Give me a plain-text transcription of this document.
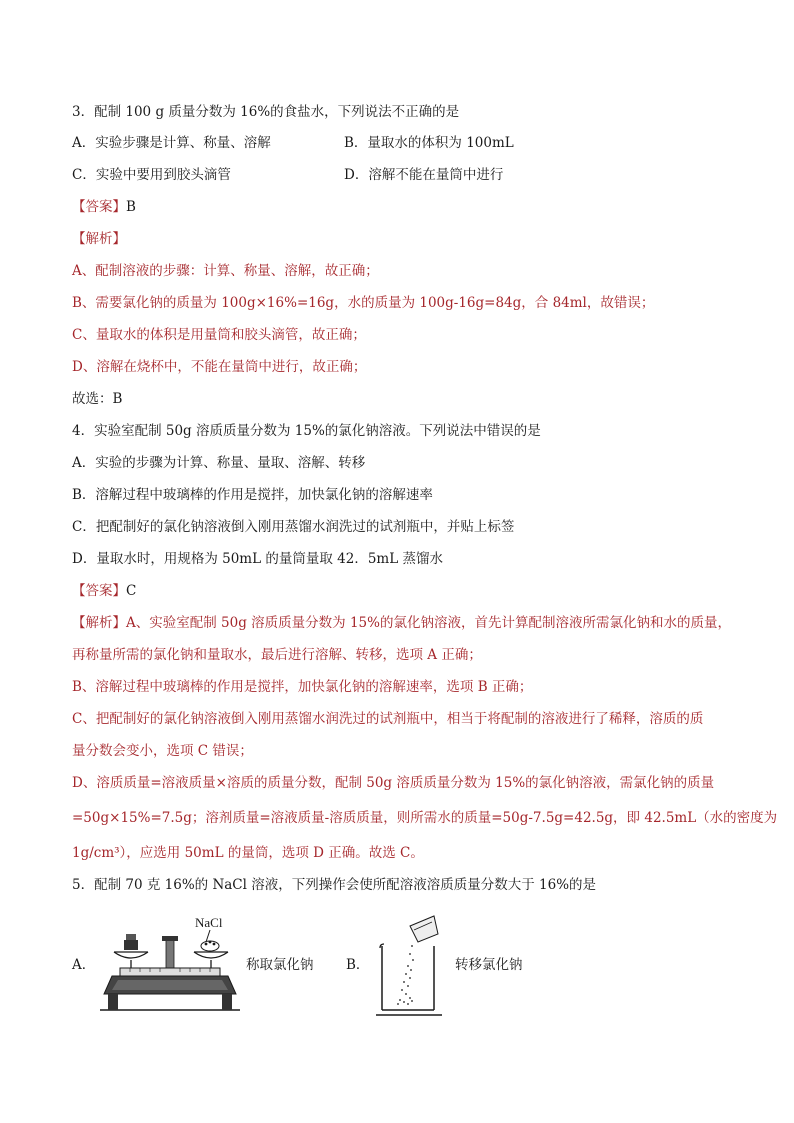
3．配制 100 g 质量分数为 16%的食盐水，下列说法不正确的是
A．实验步骤是计算、称量、溶解	B．量取水的体积为 100mL
C．实验中要用到胶头滴管	D．溶解不能在量筒中进行
【答案】B
【解析】
A、配制溶液的步骤：计算、称量、溶解，故正确；
B、需要氯化钠的质量为 100g×16%=16g，水的质量为 100g-16g=84g，合 84ml，故错误；
C、量取水的体积是用量筒和胶头滴管，故正确；
D、溶解在烧杯中，不能在量筒中进行，故正确；
故选：B
4．实验室配制 50g 溶质质量分数为 15%的氯化钠溶液。下列说法中错误的是
A．实验的步骤为计算、称量、量取、溶解、转移
B．溶解过程中玻璃棒的作用是搅拌，加快氯化钠的溶解速率
C．把配制好的氯化钠溶液倒入刚用蒸馏水润洗过的试剂瓶中，并贴上标签
D．量取水时，用规格为 50mL 的量筒量取 42．5mL 蒸馏水
【答案】C
【解析】A、实验室配制 50g 溶质质量分数为 15%的氯化钠溶液，首先计算配制溶液所需氯化钠和水的质量，
再称量所需的氯化钠和量取水，最后进行溶解、转移，选项 A 正确；
B、溶解过程中玻璃棒的作用是搅拌，加快氯化钠的溶解速率，选项 B 正确；
C、把配制好的氯化钠溶液倒入刚用蒸馏水润洗过的试剂瓶中，相当于将配制的溶液进行了稀释，溶质的质
量分数会变小，选项 C 错误；
D、溶质质量=溶液质量×溶质的质量分数，配制 50g 溶质质量分数为 15%的氯化钠溶液，需氯化钠的质量
=50g×15%=7.5g；溶剂质量=溶液质量-溶质质量，则所需水的质量=50g-7.5g=42.5g，即 42.5mL（水的密度为
1g/cm³），应选用 50mL 的量筒，选项 D 正确。故选 C。
5．配制 70 克 16%的 NaCl 溶液，下列操作会使所配溶液溶质质量分数大于 16%的是
A．
NaCl
称取氯化钠 B．	转移氯化钠
